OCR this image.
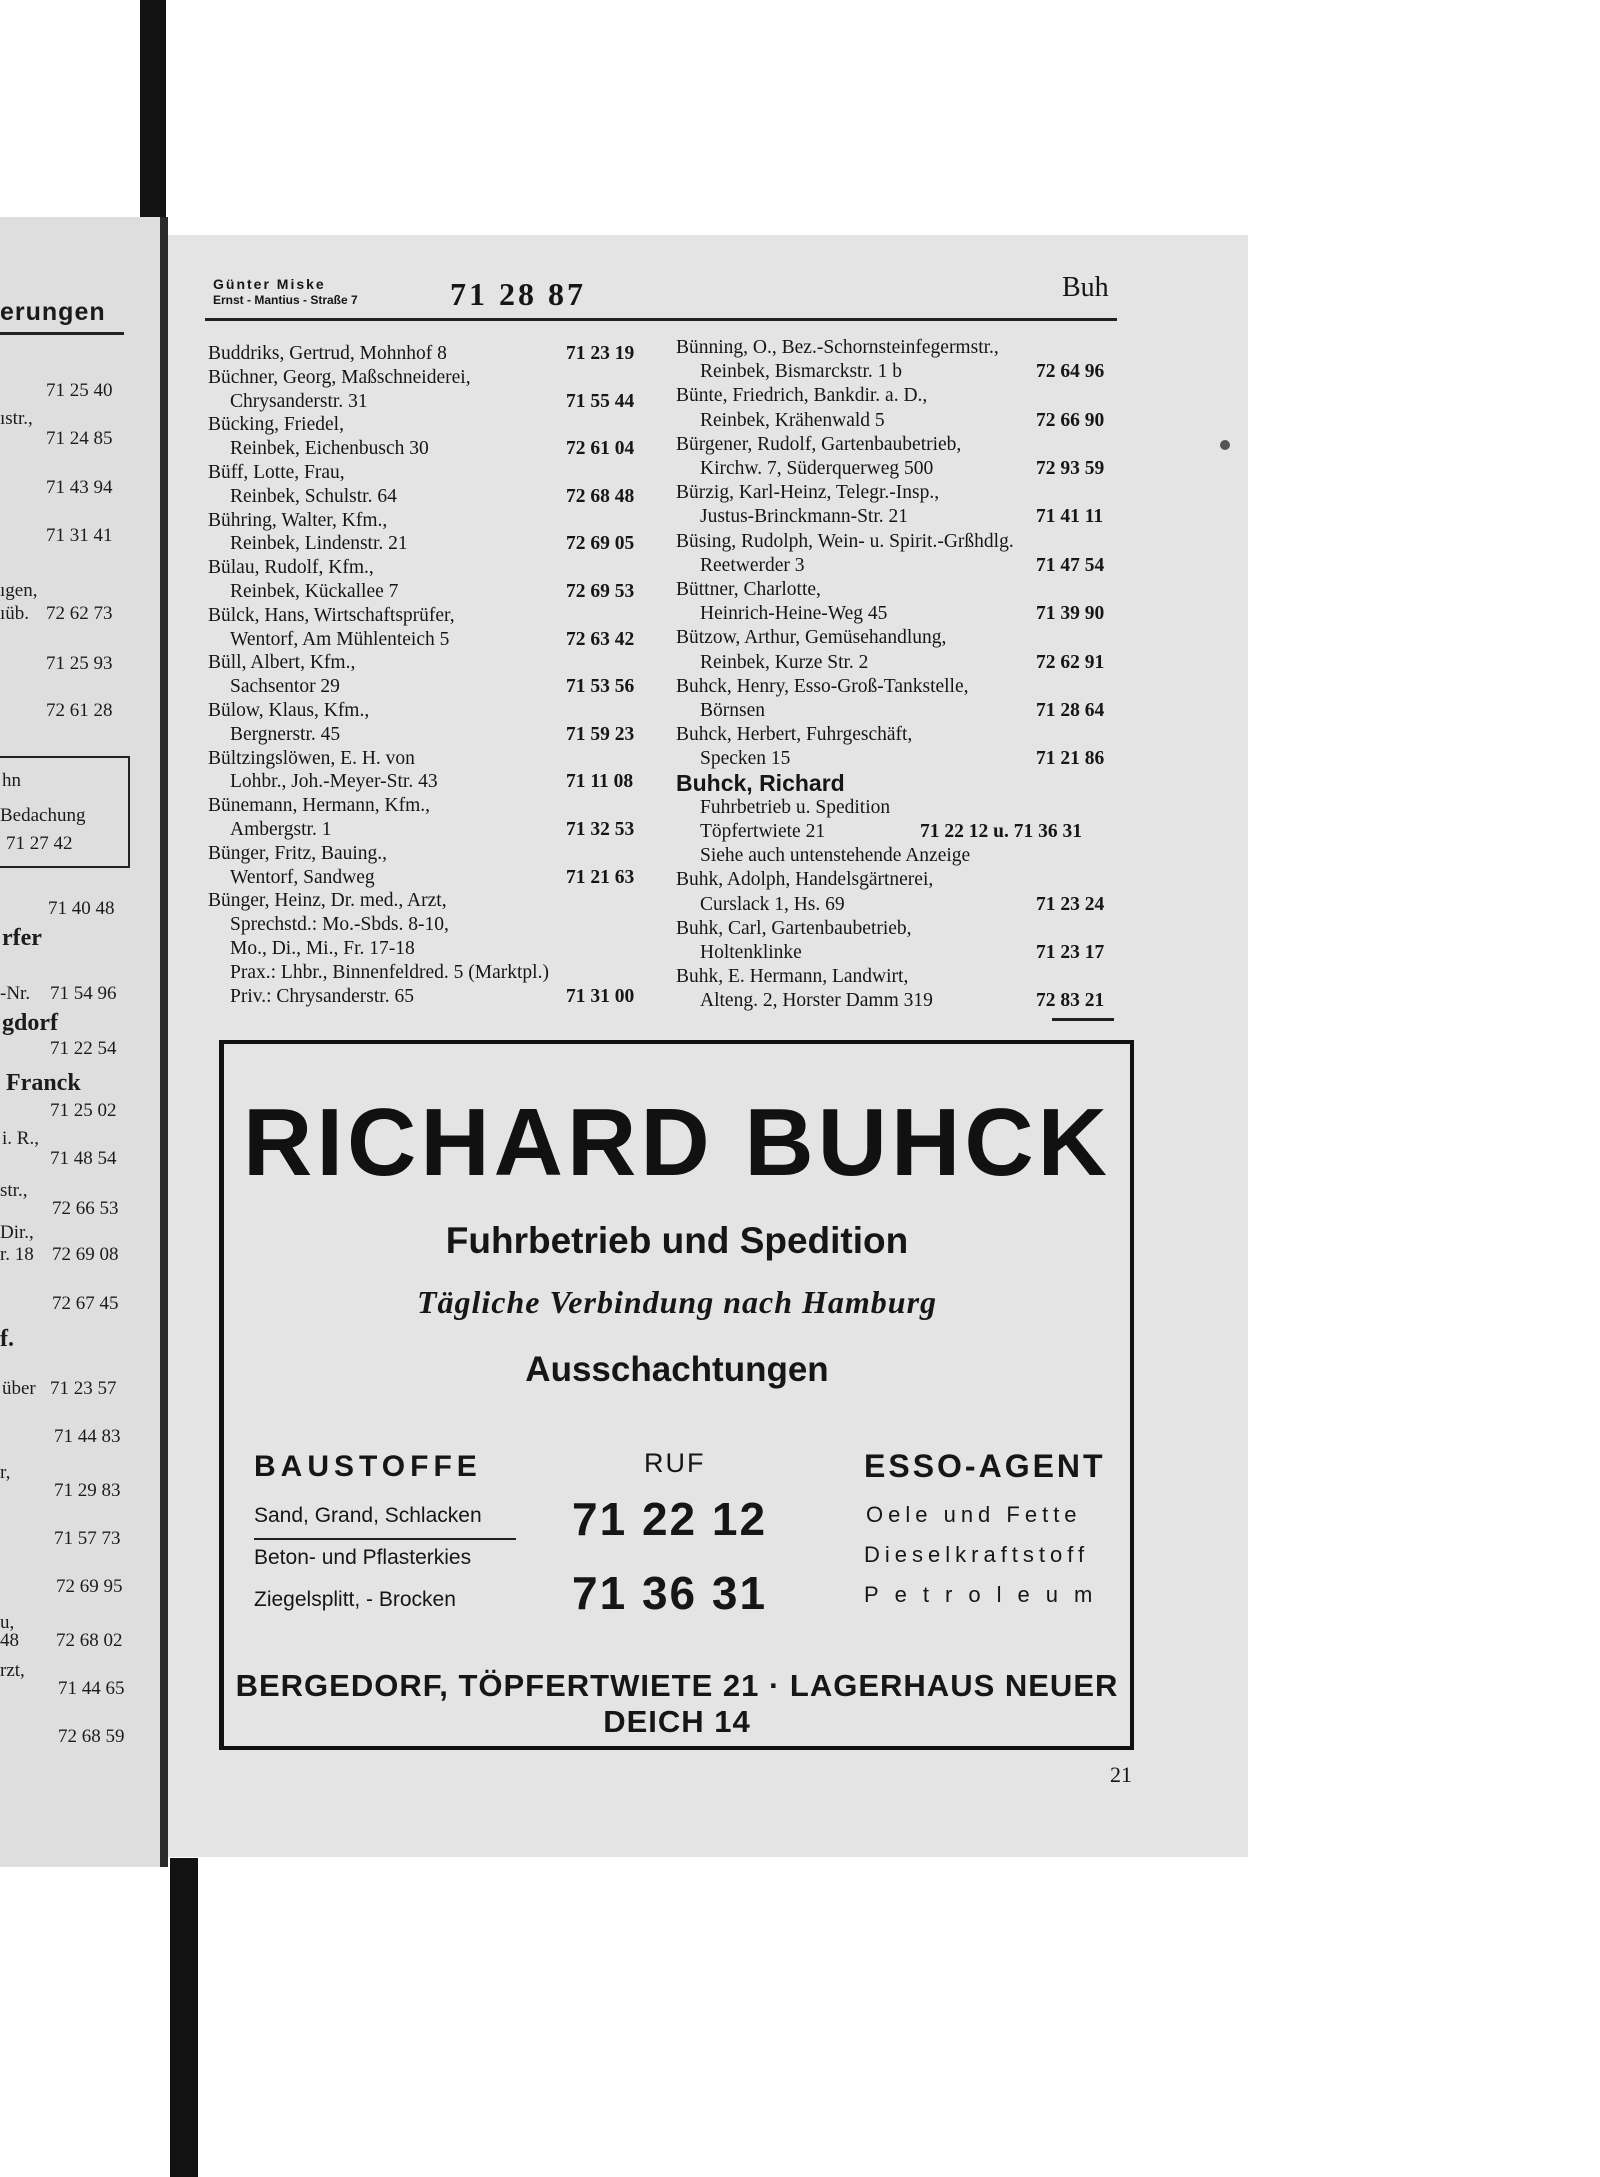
erungen
71 25 40
ıstr.,
71 24 85
71 43 94
71 31 41
ıgen,
ıüb. 72 62 73
71 25 93
72 61 28
hn
Bedachung
71 27 42
71 40 48
rfer
-Nr. 71 54 96
gdorf
71 22 54
Franck
71 25 02
i. R.,
71 48 54
str.,
72 66 53
Dir.,
r. 18 72 69 08
72 67 45
f.
über 71 23 57
71 44 83
r,
71 29 83
71 57 73
72 69 95
u,
48 72 68 02
rzt,
71 44 65
72 68 59
Günter Miske
Ernst - Mantius - Straße 7	71 28 87	Buh
71 23 19
Buddriks, Gertrud, Mohnhof 8
Büchner, Georg, Maßschneiderei,
71 55 44
Chrysanderstr. 31
Bücking, Friedel,
72 61 04
Reinbek, Eichenbusch 30
Büff, Lotte, Frau,
72 68 48
Reinbek, Schulstr. 64
Bühring, Walter, Kfm.,
72 69 05
Reinbek, Lindenstr. 21
Bülau, Rudolf, Kfm.,
72 69 53
Reinbek, Kückallee 7
Bülck, Hans, Wirtschaftsprüfer,
72 63 42
Wentorf, Am Mühlenteich 5
Büll, Albert, Kfm.,
71 53 56
Sachsentor 29
Bülow, Klaus, Kfm.,
71 59 23
Bergnerstr. 45
Bültzingslöwen, E. H. von
71 11 08
Lohbr., Joh.-Meyer-Str. 43
Bünemann, Hermann, Kfm.,
71 32 53
Ambergstr. 1
Bünger, Fritz, Bauing.,
71 21 63
Wentorf, Sandweg
Bünger, Heinz, Dr. med., Arzt,
Sprechstd.: Mo.-Sbds. 8-10,
Mo., Di., Mi., Fr. 17-18
Prax.: Lhbr., Binnenfeldred. 5 (Marktpl.)
71 31 00
Priv.: Chrysanderstr. 65
Bünning, O., Bez.-Schornsteinfegermstr.,
72 64 96
Reinbek, Bismarckstr. 1 b
Bünte, Friedrich, Bankdir. a. D.,
72 66 90
Reinbek, Krähenwald 5
Bürgener, Rudolf, Gartenbaubetrieb,
72 93 59
Kirchw. 7, Süderquerweg 500
Bürzig, Karl-Heinz, Telegr.-Insp.,
71 41 11
Justus-Brinckmann-Str. 21
Büsing, Rudolph, Wein- u. Spirit.-Grßhdlg.
71 47 54
Reetwerder 3
Büttner, Charlotte,
71 39 90
Heinrich-Heine-Weg 45
Bützow, Arthur, Gemüsehandlung,
72 62 91
Reinbek, Kurze Str. 2
Buhck, Henry, Esso-Groß-Tankstelle,
71 28 64
Börnsen
Buhck, Herbert, Fuhrgeschäft,
71 21 86
Specken 15
Buhck, Richard
Fuhrbetrieb u. Spedition
71 22 12 u. 71 36 31
Töpfertwiete 21
Siehe auch untenstehende Anzeige
Buhk, Adolph, Handelsgärtnerei,
71 23 24
Curslack 1, Hs. 69
Buhk, Carl, Gartenbaubetrieb,
71 23 17
Holtenklinke
Buhk, E. Hermann, Landwirt,
72 83 21
Alteng. 2, Horster Damm 319
RICHARD BUHCK
Fuhrbetrieb und Spedition
Tägliche Verbindung nach Hamburg
Ausschachtungen
BAUSTOFFE
Sand, Grand, Schlacken
Beton- und Pflasterkies
Ziegelsplitt, - Brocken
RUF
71 22 12
71 36 31
ESSO-AGENT
Oele und Fette
Dieselkraftstoff
Petroleum
BERGEDORF, TÖPFERTWIETE 21 · LAGERHAUS NEUER DEICH 14
21
